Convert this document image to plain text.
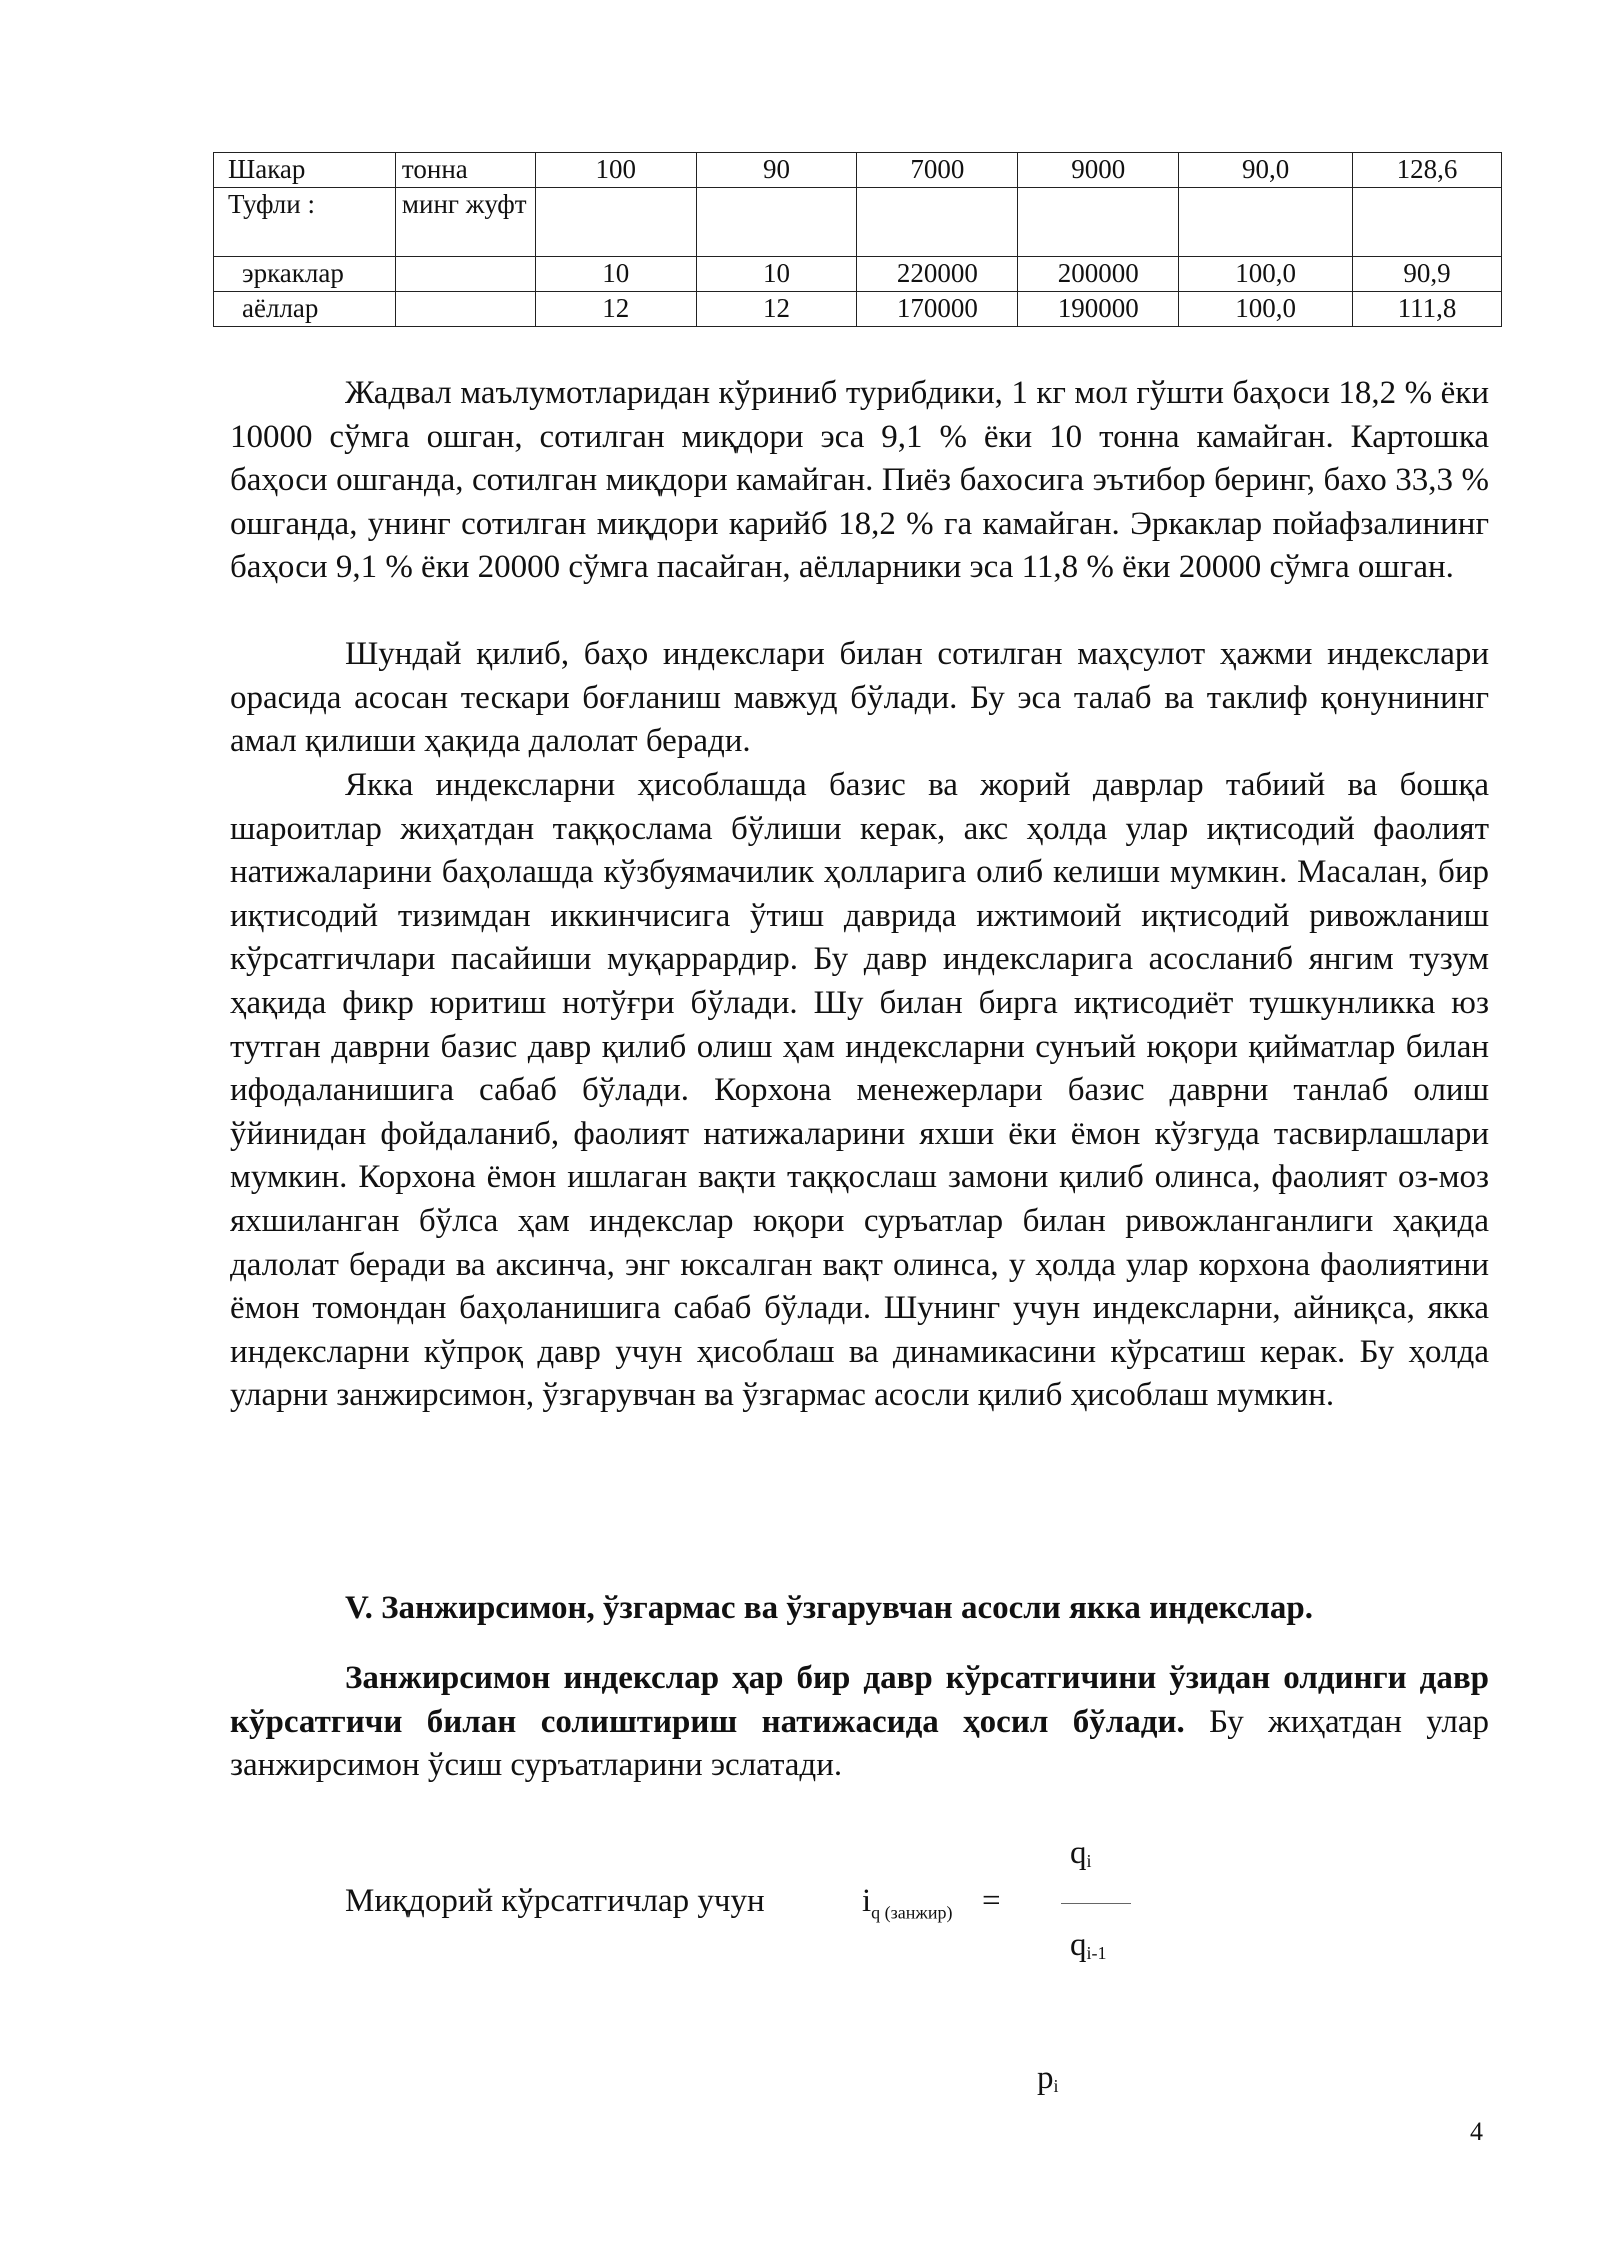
Шакар	тонна	100	90	7000	9000	90,0	128,6
Туфли :	минг жуфт						
эркаклар		10	10	220000	200000	100,0	90,9
аёллар		12	12	170000	190000	100,0	111,8

Жадвал маълумотларидан кўриниб турибдики, 1 кг мол гўшти баҳоси 18,2 % ёки 10000 сўмга ошган, сотилган миқдори эса 9,1 % ёки 10 тонна камайган. Картошка баҳоси ошганда, сотилган миқдори камайган. Пиёз бахосига эътибор беринг, бахо 33,3 % ошганда, унинг сотилган миқдори карийб 18,2 % га камайган. Эркаклар пойафзалининг баҳоси 9,1 % ёки 20000 сўмга пасайган, аёлларники эса 11,8 % ёки 20000 сўмга ошган.

Шундай қилиб, баҳо индекслари билан сотилган маҳсулот ҳажми индекслари орасида асосан тескари боғланиш мавжуд бўлади. Бу эса талаб ва таклиф қонунининг амал қилиши ҳақида далолат беради.

Якка индексларни ҳисоблашда базис ва жорий даврлар табиий ва бошқа шароитлар жиҳатдан таққослама бўлиши керак, акс ҳолда улар иқтисодий фаолият натижаларини баҳолашда кўзбуямачилик ҳолларига олиб келиши мумкин. Масалан, бир иқтисодий тизимдан иккинчисига ўтиш даврида ижтимоий иқтисодий ривожланиш кўрсатгичлари пасайиши муқаррардир. Бу давр индексларига асосланиб янгим тузум ҳақида фикр юритиш нотўғри бўлади. Шу билан бирга иқтисодиёт тушкунликка юз тутган даврни базис давр қилиб олиш ҳам индексларни сунъий юқори қийматлар билан ифодаланишига сабаб бўлади. Корхона менежерлари базис даврни танлаб олиш ўйинидан фойдаланиб, фаолият натижаларини яхши ёки ёмон кўзгуда тасвирлашлари мумкин. Корхона ёмон ишлаган вақти таққослаш замони қилиб олинса, фаолият оз-моз яхшиланган бўлса ҳам индекслар юқори суръатлар билан ривожланганлиги ҳақида далолат беради ва аксинча, энг юксалган вақт олинса, у ҳолда улар корхона фаолиятини ёмон томондан баҳоланишига сабаб бўлади. Шунинг учун индексларни, айниқса, якка индексларни кўпроқ давр учун ҳисоблаш ва динамикасини кўрсатиш керак. Бу ҳолда уларни занжирсимон, ўзгарувчан ва ўзгармас асосли қилиб ҳисоблаш мумкин.

V. Занжирсимон, ўзгармас ва ўзгарувчан асосли якка индекслар.

Занжирсимон индекслар ҳар бир давр кўрсатгичини ўзидан олдинги давр кўрсатгичи билан солиштириш натижасида ҳосил бўлади. Бу жиҳатдан улар занжирсимон ўсиш суръатларини эслатади.

Миқдорий кўрсатгичлар учун	$i_{q (занжир)}$ =
qi
qi-1
pi
4
